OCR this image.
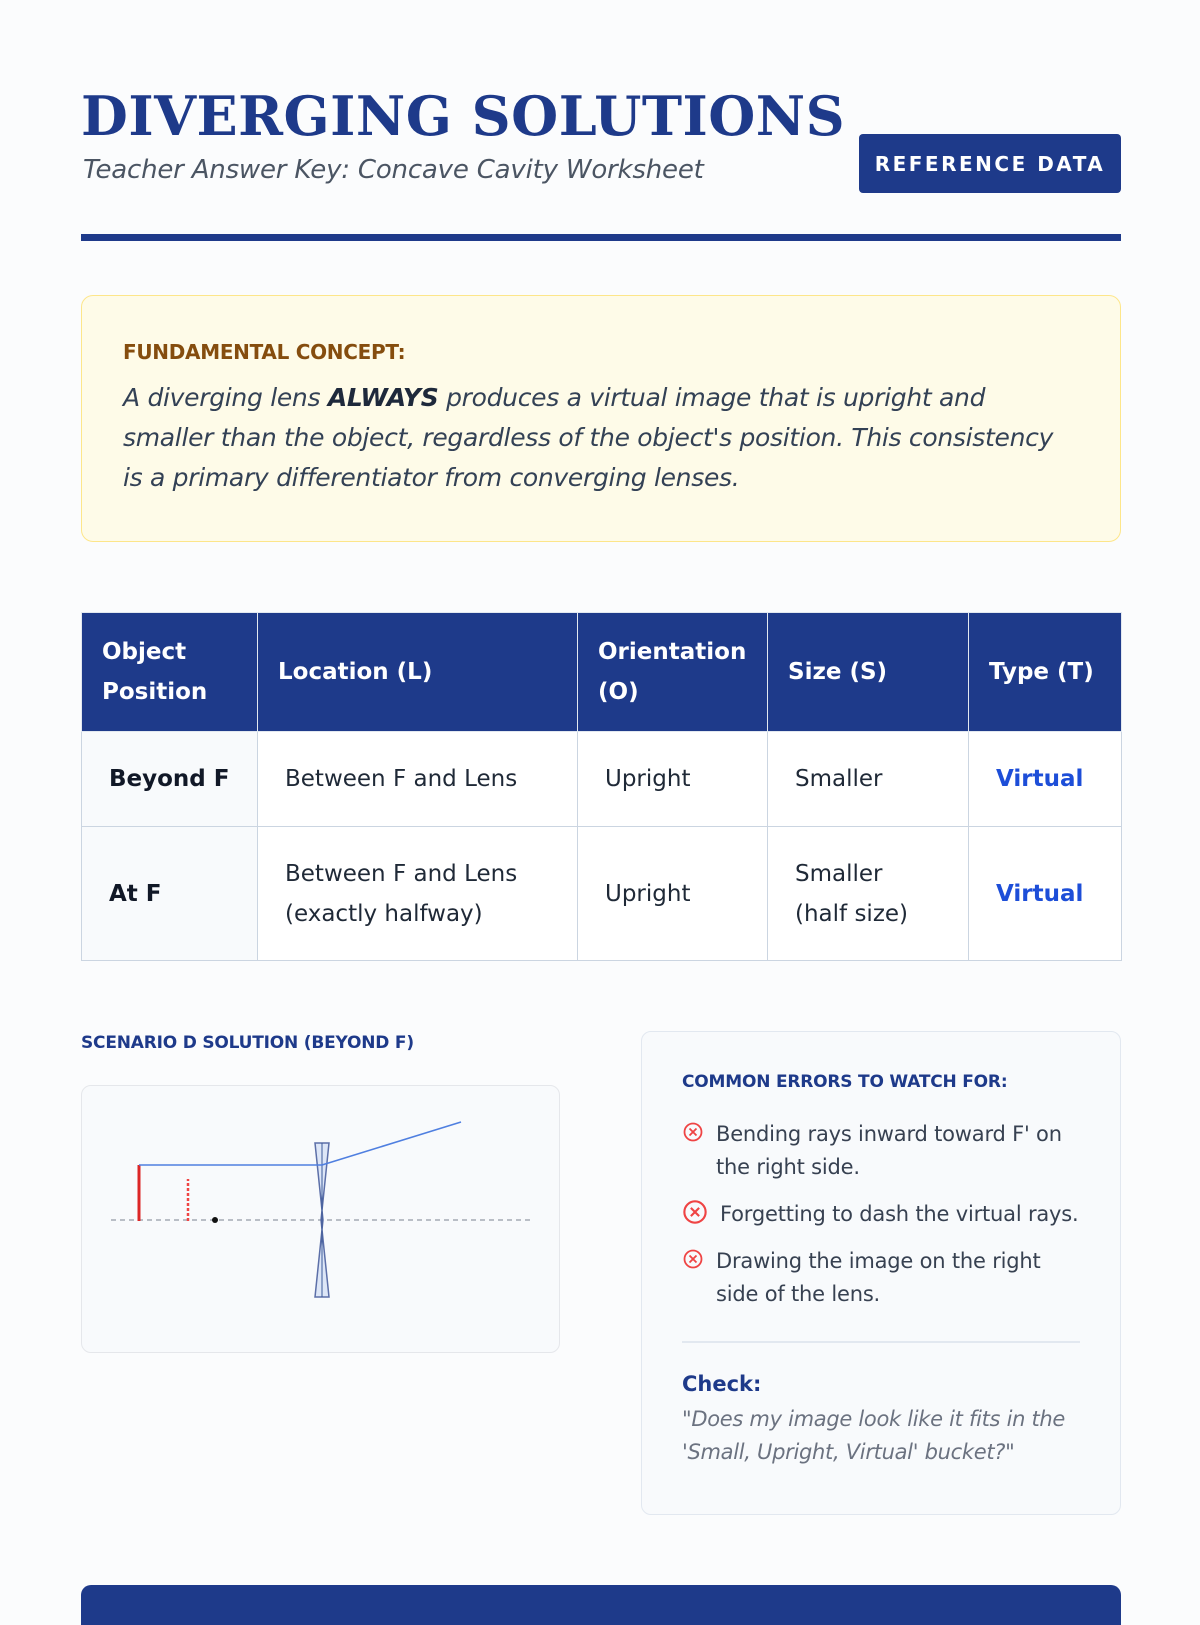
DIVERGING SOLUTIONS

Teacher Answer Key: Concave Cavity Worksheet	REFERENCE DATA

FUNDAMENTAL CONCEPT:

A diverging lens ALWAYS produces a virtual image that is upright and smaller than the object, regardless of the object's position. This consistency is a primary differentiator from converging lenses.

Object Position	Location (L)	Orientation (O)	Size (S)	Type (T)
Beyond F	Between F and Lens	Upright	Smaller	Virtual
At F	Between F and Lens (exactly halfway)	Upright	Smaller (half size)	Virtual
SCENARIO D SOLUTION (BEYOND F)

COMMON ERRORS TO WATCH FOR:

Bending rays inward toward F' on the right side.
Forgetting to dash the virtual rays.
Drawing the image on the right side of the lens.

Check:

"Does my image look like it fits in the 'Small, Upright, Virtual' bucket?"
